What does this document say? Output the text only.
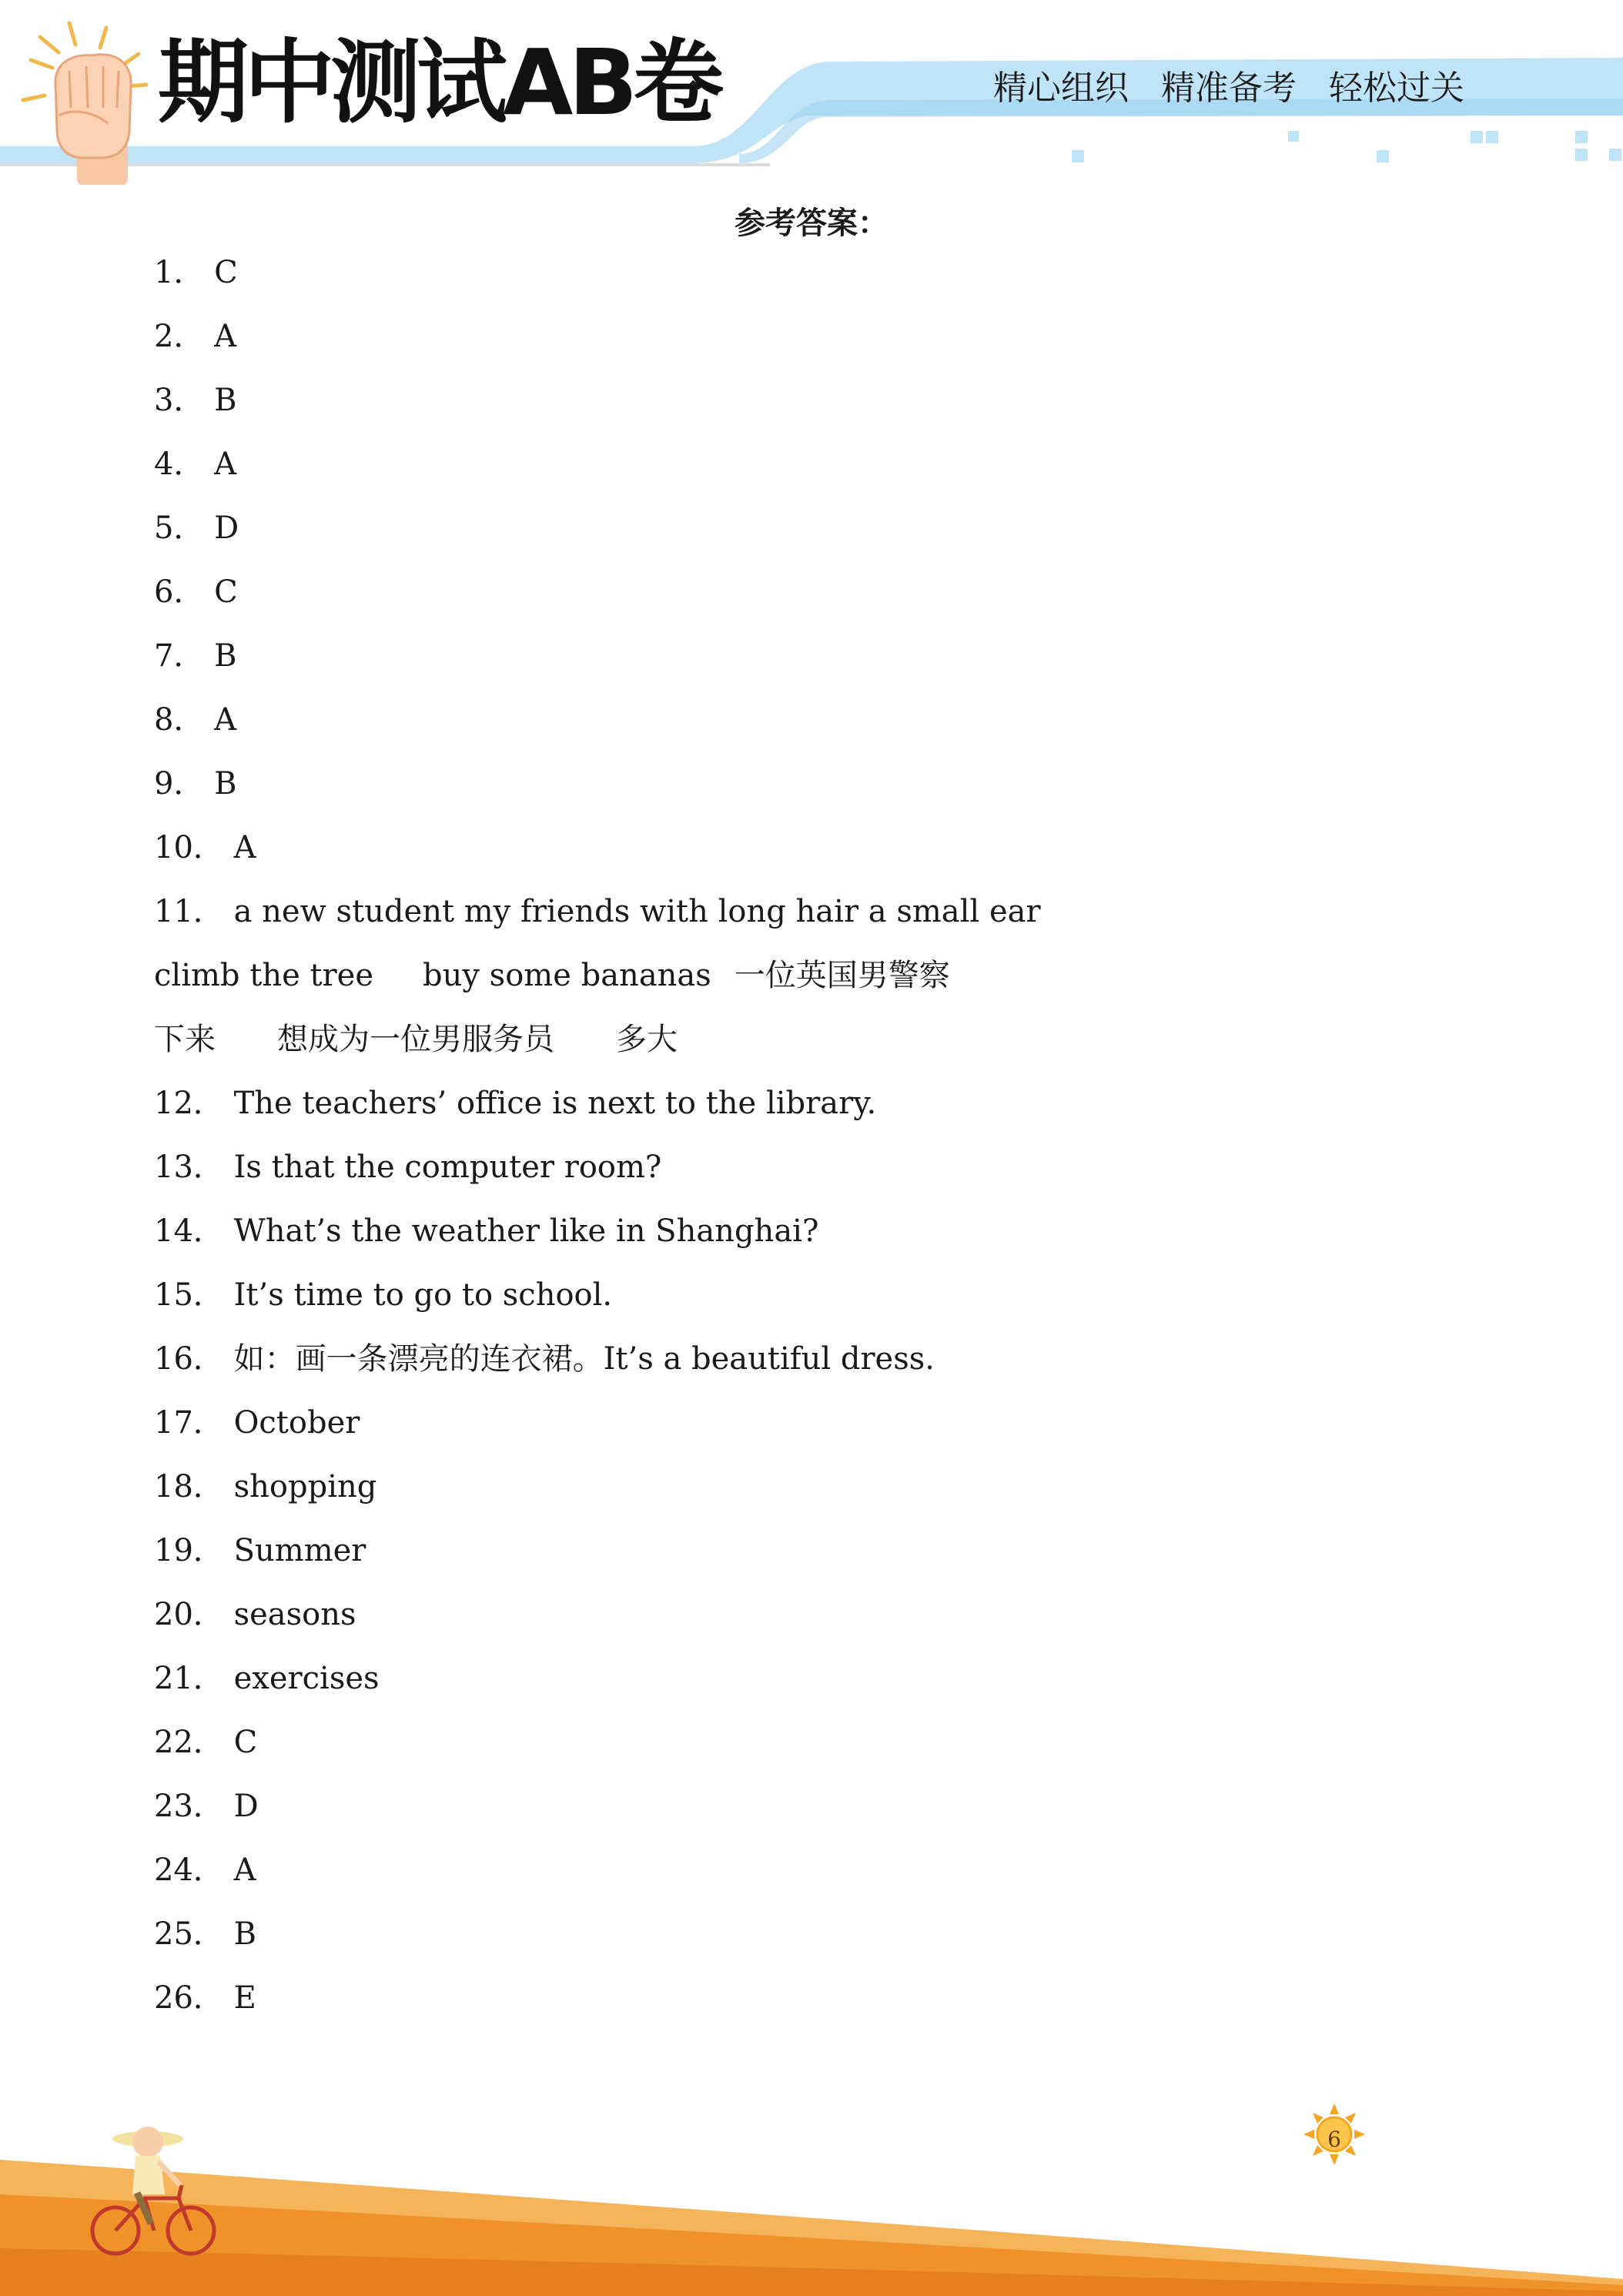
期中测试AB卷	精心组织 精准备考 轻松过关
参考答案：
1． C
2． A
3． B
4． A
5． D
6． C
7． B
8． A
9． B
10． A
11． a new student my friends with long hair a small ear
climb the tree buy some bananas 一位英国男警察
下来 想成为一位男服务员 多大
12． The teachers’ office is next to the library.
13． Is that the computer room?
14． What’s the weather like in Shanghai?
15． It’s time to go to school.
16． 如：画一条漂亮的连衣裙。It’s a beautiful dress.
17． October
18． shopping
19． Summer
20． seasons
21． exercises
22． C
23． D
24． A
25． B
26． E
6
